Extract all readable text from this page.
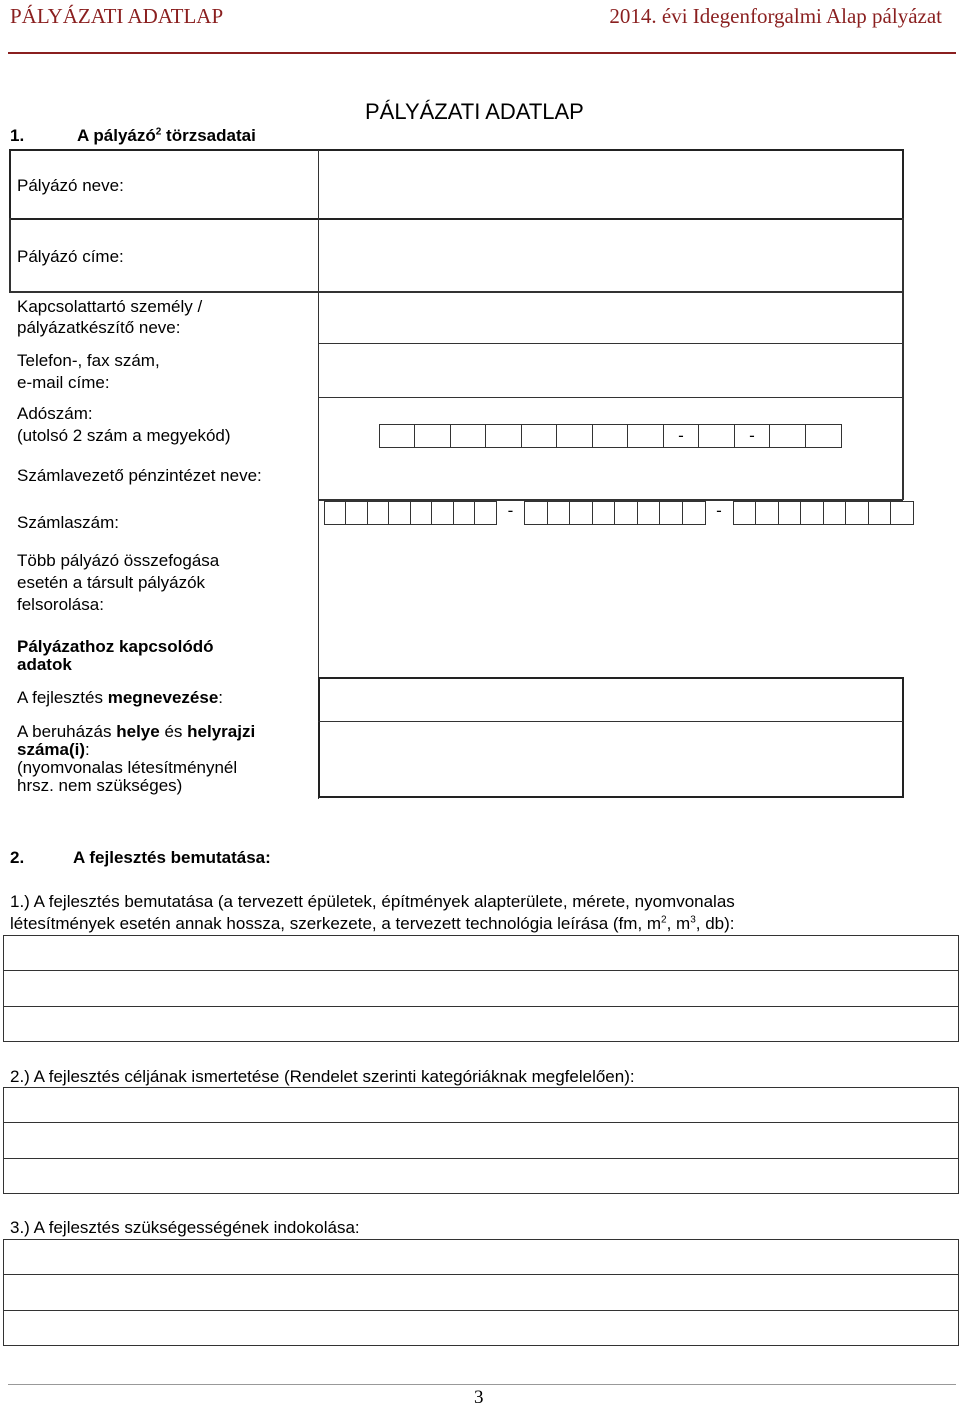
PÁLYÁZATI ADATLAP	2014. évi Idegenforgalmi Alap pályázat
PÁLYÁZATI ADATLAP
1.	A pályázó$^2$ törzsadatai
Pályázó neve:
Pályázó címe:
Kapcsolattartó személy /
pályázatkészítő neve:
Telefon-, fax szám,
e-mail címe:
Adószám:
(utolsó 2 szám a megyekód)
Számlavezető pénzintézet neve:
Számlaszám:
Több pályázó összefogása
esetén a társult pályázók
felsorolása:
Pályázathoz kapcsolódó
adatok
A fejlesztés megnevezése:
A beruházás helye és helyrajzi
száma(i):
(nyomvonalas létesítménynél
hrsz. nem szükséges)
-	-
-	-
2.	A fejlesztés bemutatása:
1.) A fejlesztés bemutatása (a tervezett épületek, építmények alapterülete, mérete, nyomvonalas
létesítmények esetén annak hossza, szerkezete, a tervezett technológia leírása (fm, $m^2$, $m^3$, db):
2.) A fejlesztés céljának ismertetése (Rendelet szerinti kategóriáknak megfelelően):
3.) A fejlesztés szükségességének indokolása:
3
